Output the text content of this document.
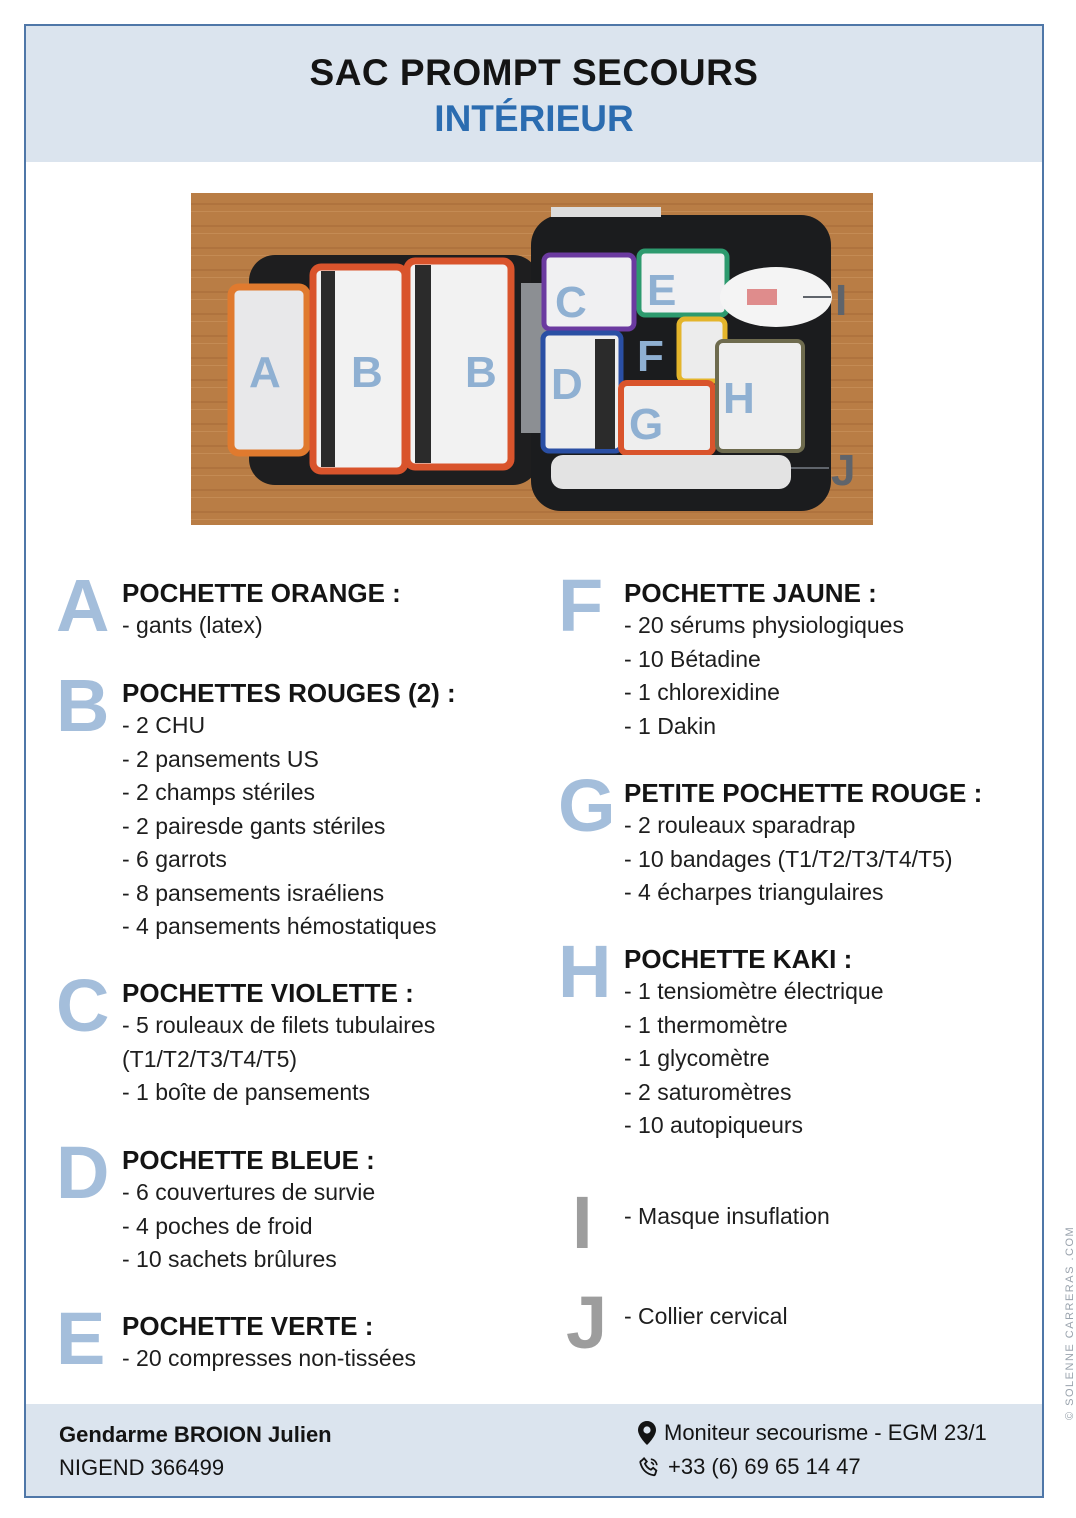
SAC PROMPT SECOURS
INTÉRIEUR
A B B
C E	I
F
D	H
G
J
A POCHETTE ORANGE :
- gants (latex)
B POCHETTES ROUGES (2) :
- 2 CHU
- 2 pansements US
- 2 champs stériles
- 2 pairesde gants stériles
- 6 garrots
- 8 pansements israéliens
- 4 pansements hémostatiques
C POCHETTE VIOLETTE :
- 5 rouleaux de filets tubulaires
(T1/T2/T3/T4/T5)
- 1 boîte de pansements
D POCHETTE BLEUE :
- 6 couvertures de survie
- 4 poches de froid
- 10 sachets brûlures
E POCHETTE VERTE :
- 20 compresses non-tissées
F POCHETTE JAUNE :
- 20 sérums physiologiques
- 10 Bétadine
- 1 chlorexidine
- 1 Dakin
G PETITE POCHETTE ROUGE :
- 2 rouleaux sparadrap
- 10 bandages (T1/T2/T3/T4/T5)
- 4 écharpes triangulaires
H POCHETTE KAKI :
- 1 tensiomètre électrique
- 1 thermomètre
- 1 glycomètre
- 2 saturomètres
- 10 autopiqueurs
I - Masque insuflation
J - Collier cervical	© SOLENNE CARRERAS .COM
Gendarme BROION Julien
NIGEND 366499
Moniteur secourisme - EGM 23/1
+33 (6) 69 65 14 47
